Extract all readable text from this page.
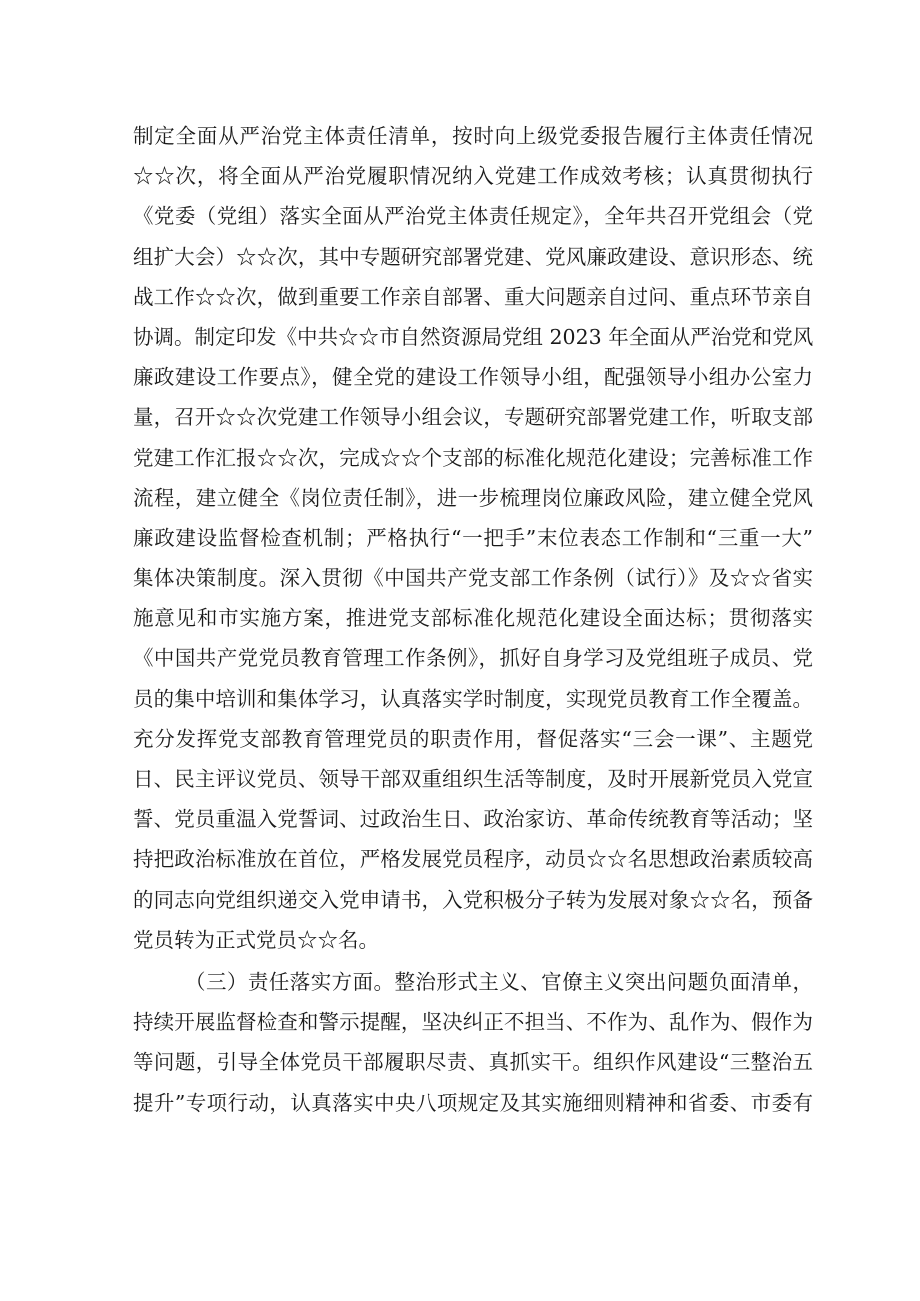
制定全面从严治党主体责任清单，按时向上级党委报告履行主体责任情况
☆☆次，将全面从严治党履职情况纳入党建工作成效考核；认真贯彻执行
《党委（党组）落实全面从严治党主体责任规定》，全年共召开党组会（党
组扩大会）☆☆次，其中专题研究部署党建、党风廉政建设、意识形态、统
战工作☆☆次，做到重要工作亲自部署、重大问题亲自过问、重点环节亲自
协调。制定印发《中共☆☆市自然资源局党组 2023 年全面从严治党和党风
廉政建设工作要点》，健全党的建设工作领导小组，配强领导小组办公室力
量，召开☆☆次党建工作领导小组会议，专题研究部署党建工作，听取支部
党建工作汇报☆☆次，完成☆☆个支部的标准化规范化建设；完善标准工作
流程，建立健全《岗位责任制》，进一步梳理岗位廉政风险，建立健全党风
廉政建设监督检查机制；严格执行“一把手”末位表态工作制和“三重一大”
集体决策制度。深入贯彻《中国共产党支部工作条例（试行）》及☆☆省实
施意见和市实施方案，推进党支部标准化规范化建设全面达标；贯彻落实
《中国共产党党员教育管理工作条例》，抓好自身学习及党组班子成员、党
员的集中培训和集体学习，认真落实学时制度，实现党员教育工作全覆盖。
充分发挥党支部教育管理党员的职责作用，督促落实“三会一课”、主题党
日、民主评议党员、领导干部双重组织生活等制度，及时开展新党员入党宣
誓、党员重温入党誓词、过政治生日、政治家访、革命传统教育等活动；坚
持把政治标准放在首位，严格发展党员程序，动员☆☆名思想政治素质较高
的同志向党组织递交入党申请书，入党积极分子转为发展对象☆☆名，预备
党员转为正式党员☆☆名。
（三）责任落实方面。整治形式主义、官僚主义突出问题负面清单，
持续开展监督检查和警示提醒，坚决纠正不担当、不作为、乱作为、假作为
等问题，引导全体党员干部履职尽责、真抓实干。组织作风建设“三整治五
提升”专项行动，认真落实中央八项规定及其实施细则精神和省委、市委有
